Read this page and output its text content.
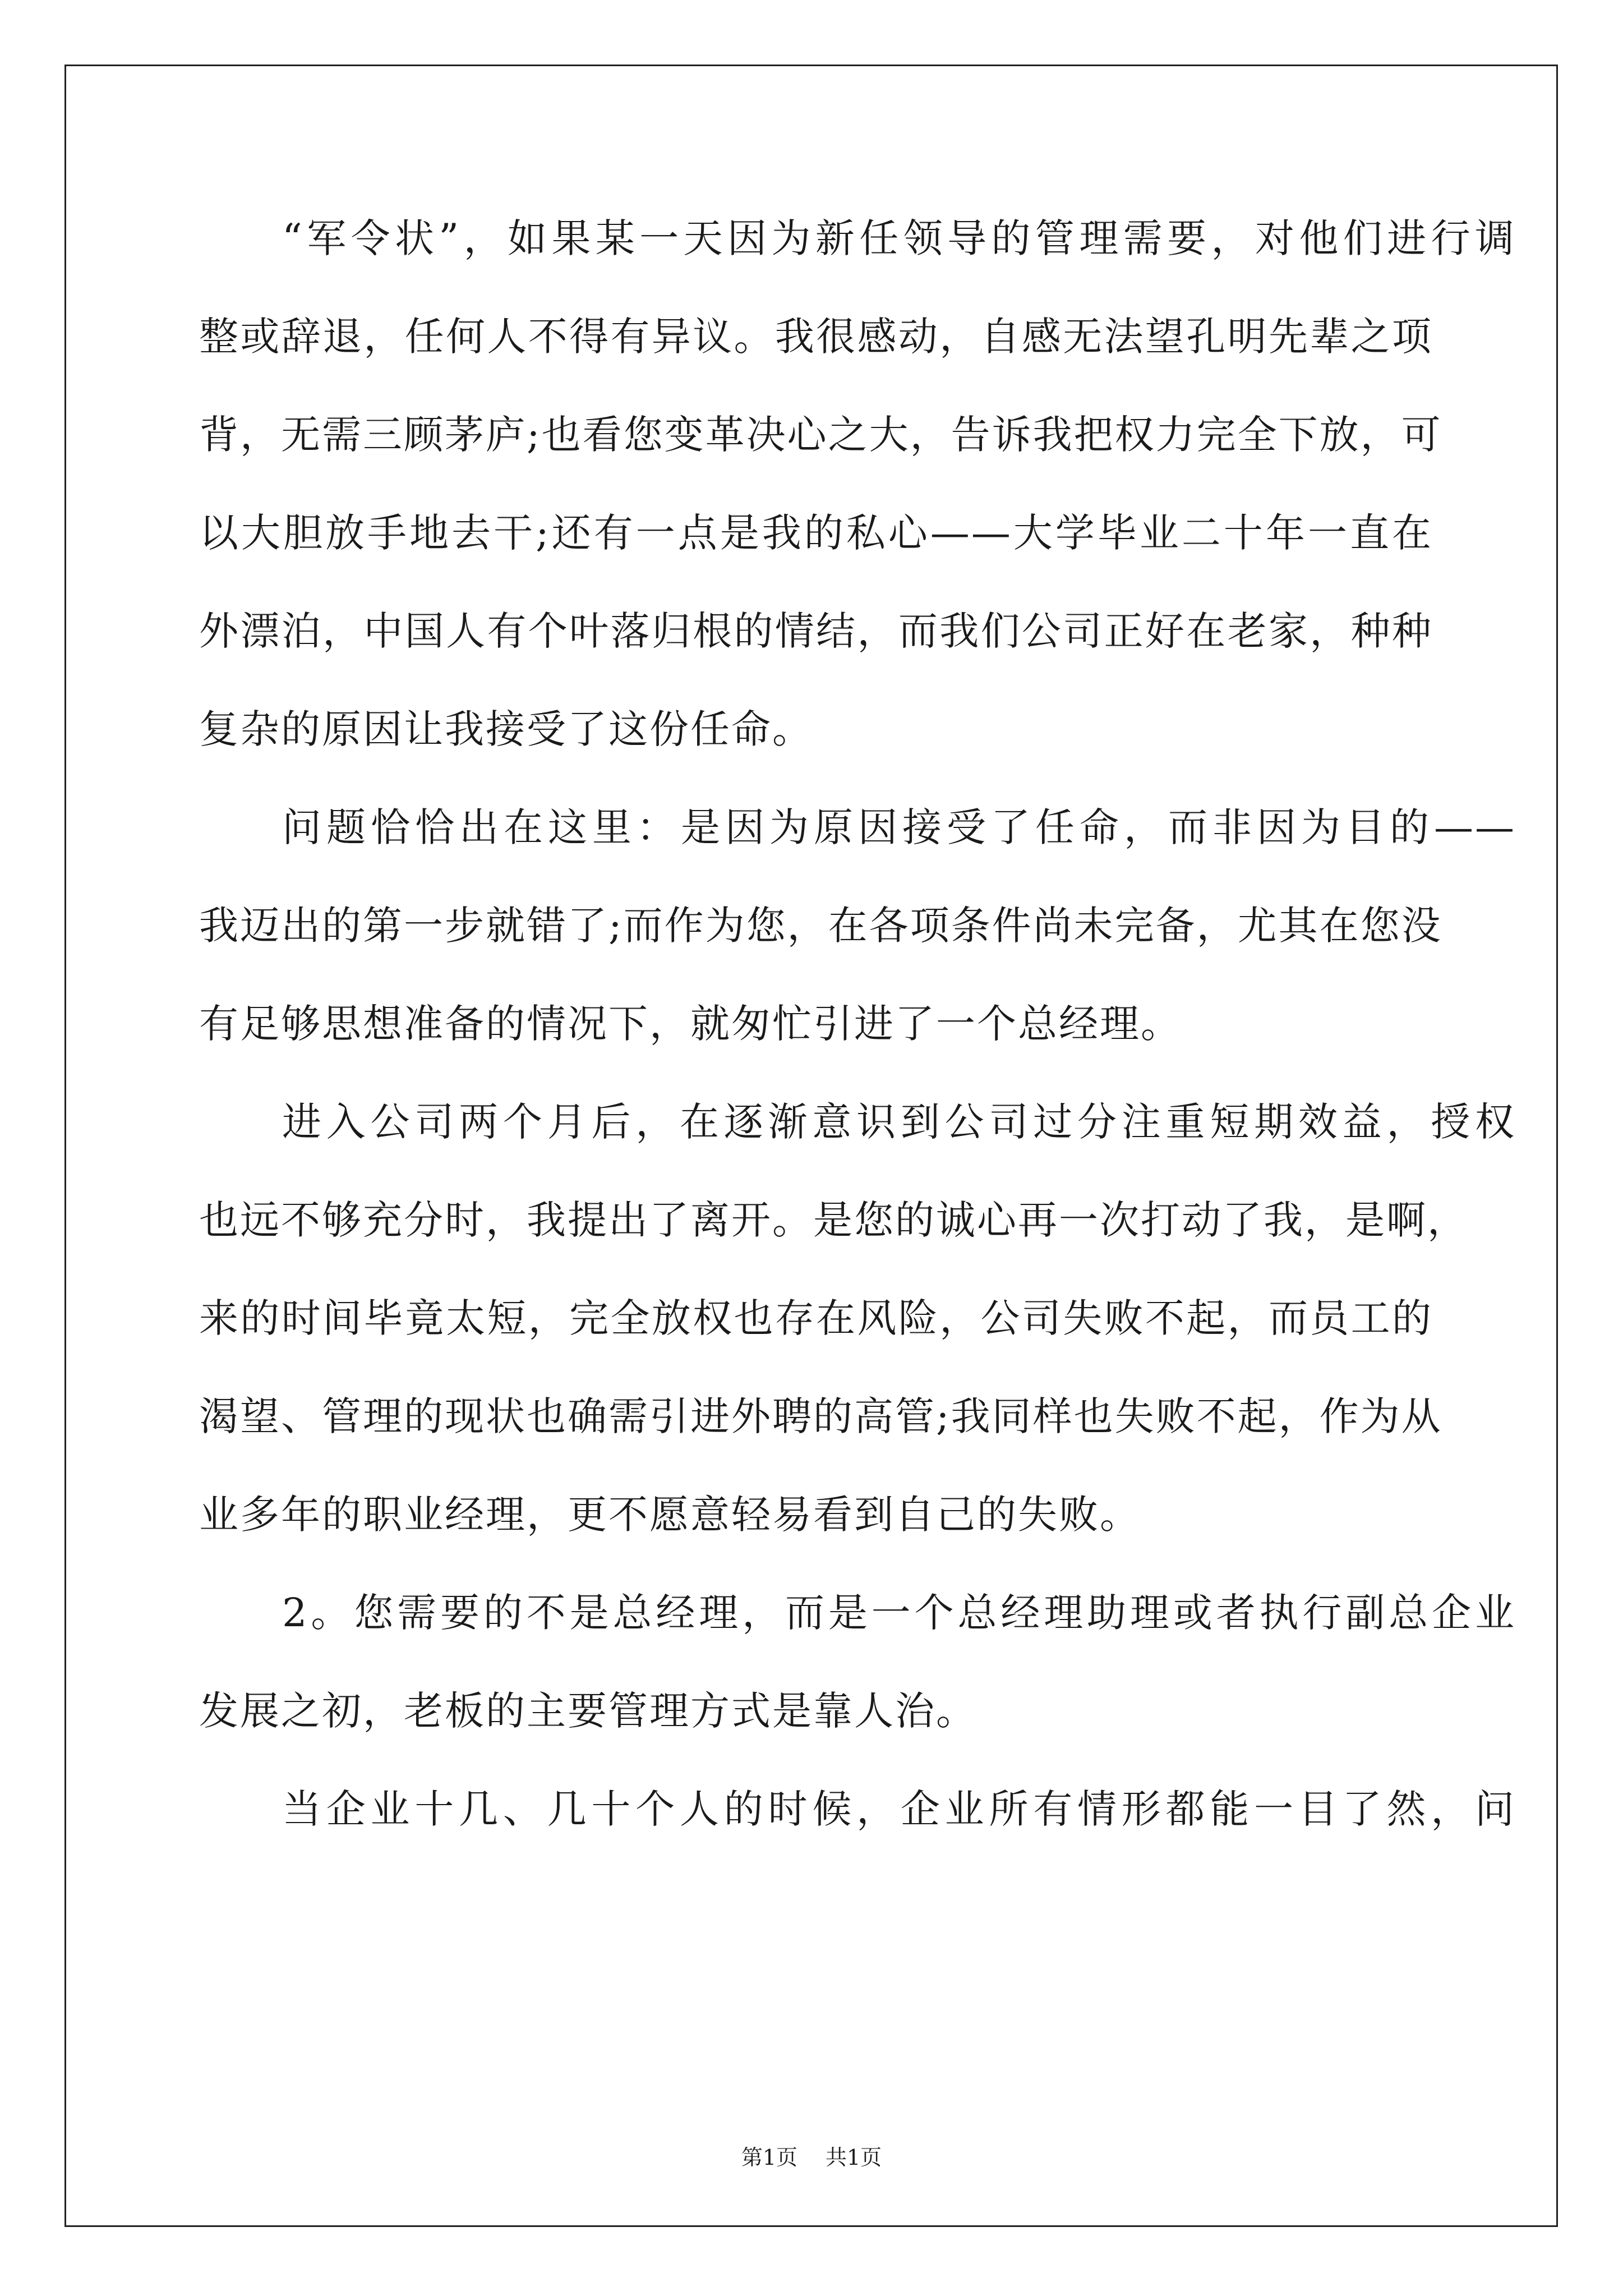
“军令状”，如果某一天因为新任领导的管理需要，对他们进行调
整或辞退，任何人不得有异议。我很感动，自感无法望孔明先辈之项
背，无需三顾茅庐;也看您变革决心之大，告诉我把权力完全下放，可
以大胆放手地去干;还有一点是我的私心——大学毕业二十年一直在
外漂泊，中国人有个叶落归根的情结，而我们公司正好在老家，种种
复杂的原因让我接受了这份任命。
问题恰恰出在这里：是因为原因接受了任命，而非因为目的——
我迈出的第一步就错了;而作为您，在各项条件尚未完备，尤其在您没
有足够思想准备的情况下，就匆忙引进了一个总经理。
进入公司两个月后，在逐渐意识到公司过分注重短期效益，授权
也远不够充分时，我提出了离开。是您的诚心再一次打动了我，是啊，
来的时间毕竟太短，完全放权也存在风险，公司失败不起，而员工的
渴望、管理的现状也确需引进外聘的高管;我同样也失败不起，作为从
业多年的职业经理，更不愿意轻易看到自己的失败。
2。您需要的不是总经理，而是一个总经理助理或者执行副总企业
发展之初，老板的主要管理方式是靠人治。
当企业十几、几十个人的时候，企业所有情形都能一目了然，问
第1页 共1页
